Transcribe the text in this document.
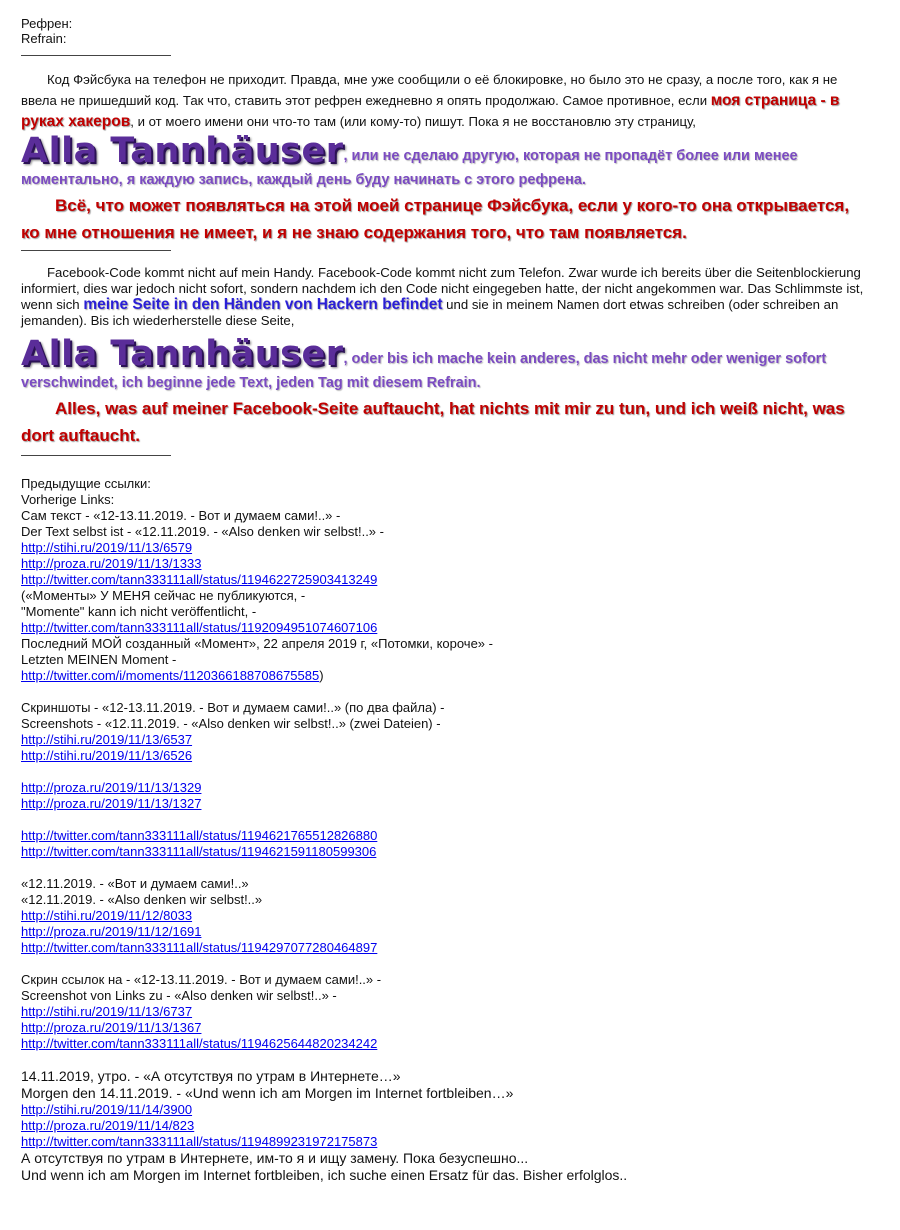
Рефрен:
Refrain:

Код Фэйсбука на телефон не приходит. Правда, мне уже сообщили о её блокировке, но было это не сразу, а после того, как я не ввела не пришедший код. Так что, ставить этот рефрен ежедневно я опять продолжаю. Самое противное, если моя страница - в руках хакеров, и от моего имени они что-то там (или кому-то) пишут. Пока я не восстановлю эту страницу,

Alla Tannhäuser, или не сделаю другую, которая не пропадёт более или менее моментально, я каждую запись, каждый день буду начинать с этого рефрена.

Всё, что может появляться на этой моей странице Фэйсбука, если у кого-то она открывается, ко мне отношения не имеет, и я не знаю содержания того, что там появляется.

Facebook-Code kommt nicht auf mein Handy. Facebook-Code kommt nicht zum Telefon. Zwar wurde ich bereits über die Seitenblockierung informiert, dies war jedoch nicht sofort, sondern nachdem ich den Code nicht eingegeben hatte, der nicht angekommen war. Das Schlimmste ist, wenn sich meine Seite in den Händen von Hackern befindet und sie in meinem Namen dort etwas schreiben (oder schreiben an jemanden). Bis ich wiederherstelle diese Seite,

Alla Tannhäuser, oder bis ich mache kein anderes, das nicht mehr oder weniger sofort verschwindet, ich beginne jede Text, jeden Tag mit diesem Refrain.

Alles, was auf meiner Facebook-Seite auftaucht, hat nichts mit mir zu tun, und ich weiß nicht, was dort auftaucht.

Предыдущие ссылки:
Vorherige Links:
Сам текст - «12-13.11.2019. - Вот и думаем сами!..» -
Der Text selbst ist - «12.11.2019. - «Also denken wir selbst!..» -
http://stihi.ru/2019/11/13/6579
http://proza.ru/2019/11/13/1333
http://twitter.com/tann333111all/status/1194622725903413249
(«Моменты» У МЕНЯ сейчас не публикуются, -
"Momente" kann ich nicht veröffentlicht, -
http://twitter.com/tann333111all/status/1192094951074607106
Последний МОЙ созданный «Момент», 22 апреля 2019 г, «Потомки, короче» -
Letzten MEINEN Moment -
http://twitter.com/i/moments/1120366188708675585)
Скриншоты - «12-13.11.2019. - Вот и думаем сами!..» (по два файла) -
Screenshots - «12.11.2019. - «Also denken wir selbst!..» (zwei Dateien) -
http://stihi.ru/2019/11/13/6537
http://stihi.ru/2019/11/13/6526
http://proza.ru/2019/11/13/1329
http://proza.ru/2019/11/13/1327
http://twitter.com/tann333111all/status/1194621765512826880
http://twitter.com/tann333111all/status/1194621591180599306
«12.11.2019. - «Вот и думаем сами!..»
«12.11.2019. - «Also denken wir selbst!..»
http://stihi.ru/2019/11/12/8033
http://proza.ru/2019/11/12/1691
http://twitter.com/tann333111all/status/1194297077280464897
Скрин ссылок на - «12-13.11.2019. - Вот и думаем сами!..» -
Screenshot von Links zu - «Also denken wir selbst!..» -
http://stihi.ru/2019/11/13/6737
http://proza.ru/2019/11/13/1367
http://twitter.com/tann333111all/status/1194625644820234242
14.11.2019, утро. - «А отсутствуя по утрам в Интернете…»
Morgen den 14.11.2019. - «Und wenn ich am Morgen im Internet fortbleiben…»
http://stihi.ru/2019/11/14/3900
http://proza.ru/2019/11/14/823
http://twitter.com/tann333111all/status/1194899231972175873
А отсутствуя по утрам в Интернете, им-то я и ищу замену. Пока безуспешно...
Und wenn ich am Morgen im Internet fortbleiben, ich suche einen Ersatz für das. Bisher erfolglos..
